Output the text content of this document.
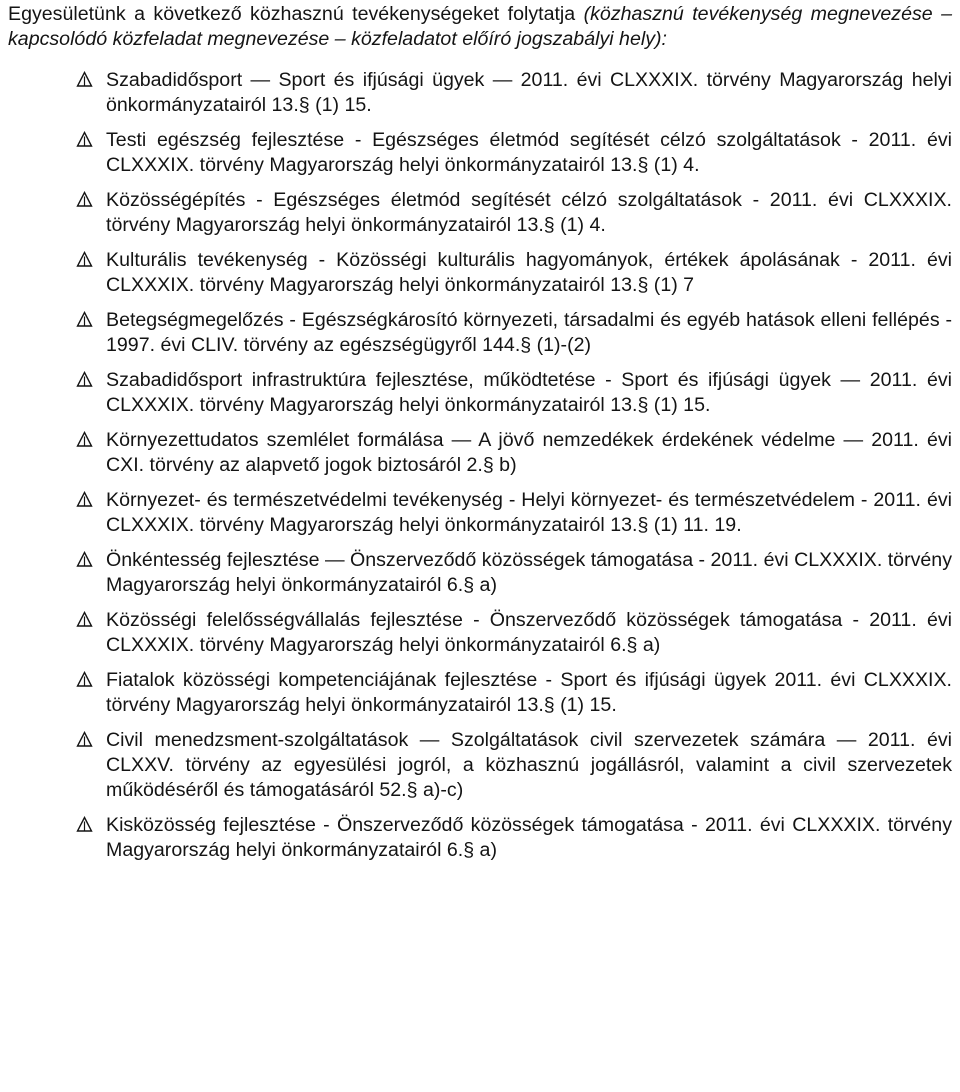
Egyesületünk a következő közhasznú tevékenységeket folytatja (közhasznú tevékenység megnevezése – kapcsolódó közfeladat megnevezése – közfeladatot előíró jogszabályi hely):

Szabadidősport — Sport és ifjúsági ügyek — 2011. évi CLXXXIX. törvény Magyarország helyi önkormányzatairól 13.§ (1) 15.
Testi egészség fejlesztése - Egészséges életmód segítését célzó szolgáltatások - 2011. évi CLXXXIX. törvény Magyarország helyi önkormányzatairól 13.§ (1) 4.
Közösségépítés - Egészséges életmód segítését célzó szolgáltatások - 2011. évi CLXXXIX. törvény Magyarország helyi önkormányzatairól 13.§ (1) 4.
Kulturális tevékenység - Közösségi kulturális hagyományok, értékek ápolásának - 2011. évi CLXXXIX. törvény Magyarország helyi önkormányzatairól 13.§ (1) 7
Betegségmegelőzés - Egészségkárosító környezeti, társadalmi és egyéb hatások elleni fellépés - 1997. évi CLIV. törvény az egészségügyről 144.§ (1)-(2)
Szabadidősport infrastruktúra fejlesztése, működtetése - Sport és ifjúsági ügyek — 2011. évi CLXXXIX. törvény Magyarország helyi önkormányzatairól 13.§ (1) 15.
Környezettudatos szemlélet formálása — A jövő nemzedékek érdekének védelme — 2011. évi CXI. törvény az alapvető jogok biztosáról 2.§ b)
Környezet- és természetvédelmi tevékenység - Helyi környezet- és természetvédelem - 2011. évi CLXXXIX. törvény Magyarország helyi önkormányzatairól 13.§ (1) 11. 19.
Önkéntesség fejlesztése — Önszerveződő közösségek támogatása - 2011. évi CLXXXIX. törvény Magyarország helyi önkormányzatairól 6.§ a)
Közösségi felelősségvállalás fejlesztése - Önszerveződő közösségek támogatása - 2011. évi CLXXXIX. törvény Magyarország helyi önkormányzatairól 6.§ a)
Fiatalok közösségi kompetenciájának fejlesztése - Sport és ifjúsági ügyek 2011. évi CLXXXIX. törvény Magyarország helyi önkormányzatairól 13.§ (1) 15.
Civil menedzsment-szolgáltatások — Szolgáltatások civil szervezetek számára — 2011. évi CLXXV. törvény az egyesülési jogról, a közhasznú jogállásról, valamint a civil szervezetek működéséről és támogatásáról 52.§ a)-c)
Kisközösség fejlesztése - Önszerveződő közösségek támogatása - 2011. évi CLXXXIX. törvény Magyarország helyi önkormányzatairól 6.§ a)
